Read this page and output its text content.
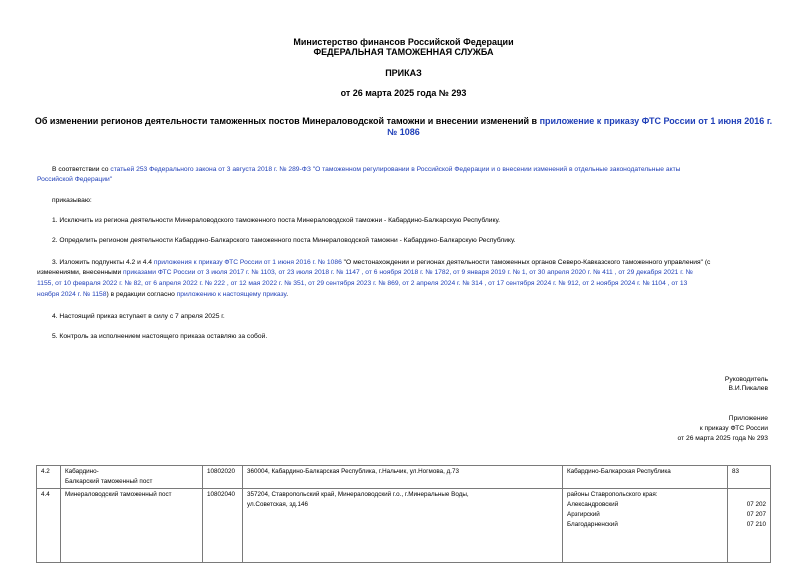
Министерство финансов Российской Федерации
ФЕДЕРАЛЬНАЯ ТАМОЖЕННАЯ СЛУЖБА
ПРИКАЗ
от 26 марта 2025 года № 293
Об изменении регионов деятельности таможенных постов Минераловодской таможни и внесении изменений в приложение к приказу ФТС России от 1 июня 2016 г.
№ 1086
В соответствии со статьей 253 Федерального закона от 3 августа 2018 г. № 289-ФЗ "О таможенном регулировании в Российской Федерации и о внесении изменений в отдельные законодательные акты
Российской Федерации"
приказываю:
1. Исключить из региона деятельности Минераловодского таможенного поста Минераловодской таможни - Кабардино-Балкарскую Республику.
2. Определить регионом деятельности Кабардино-Балкарского таможенного поста Минераловодской таможни - Кабардино-Балкарскую Республику.
3. Изложить подпункты 4.2 и 4.4 приложения к приказу ФТС России от 1 июня 2016 г. № 1086 "О местонахождении и регионах деятельности таможенных органов Северо-Кавказского таможенного управления" (с
изменениями, внесенными приказами ФТС России от 3 июля 2017 г. № 1103, от 23 июля 2018 г. № 1147 , от 6 ноября 2018 г. № 1782, от 9 января 2019 г. № 1, от 30 апреля 2020 г. № 411 , от 29 декабря 2021 г. №
1155, от 10 февраля 2022 г. № 82, от 6 апреля 2022 г. № 222 , от 12 мая 2022 г. № 351, от 29 сентября 2023 г. № 869, от 2 апреля 2024 г. № 314 , от 17 сентября 2024 г. № 912, от 2 ноября 2024 г. № 1104 , от 13
ноября 2024 г. № 1158) в редакции согласно приложению к настоящему приказу.
4. Настоящий приказ вступает в силу с 7 апреля 2025 г.
5. Контроль за исполнением настоящего приказа оставляю за собой.
Руководитель
В.И.Пикалев
Приложение
к приказу ФТС России
от 26 марта 2025 года № 293
4.2	Кабардино-
Балкарский таможенный пост	10802020	360004, Кабардино-Балкарская Республика, г.Нальчик, ул.Ногмова, д.73	Кабардино-Балкарская Республика	83
4.4	Минераловодский таможенный пост	10802040	357204, Ставропольский край, Минераловодский г.о., г.Минеральные Воды,
ул.Советская, зд.146	районы Ставропольского края:
Александровский
Арзгирский
Благодарненский	07 202
07 207
07 210
